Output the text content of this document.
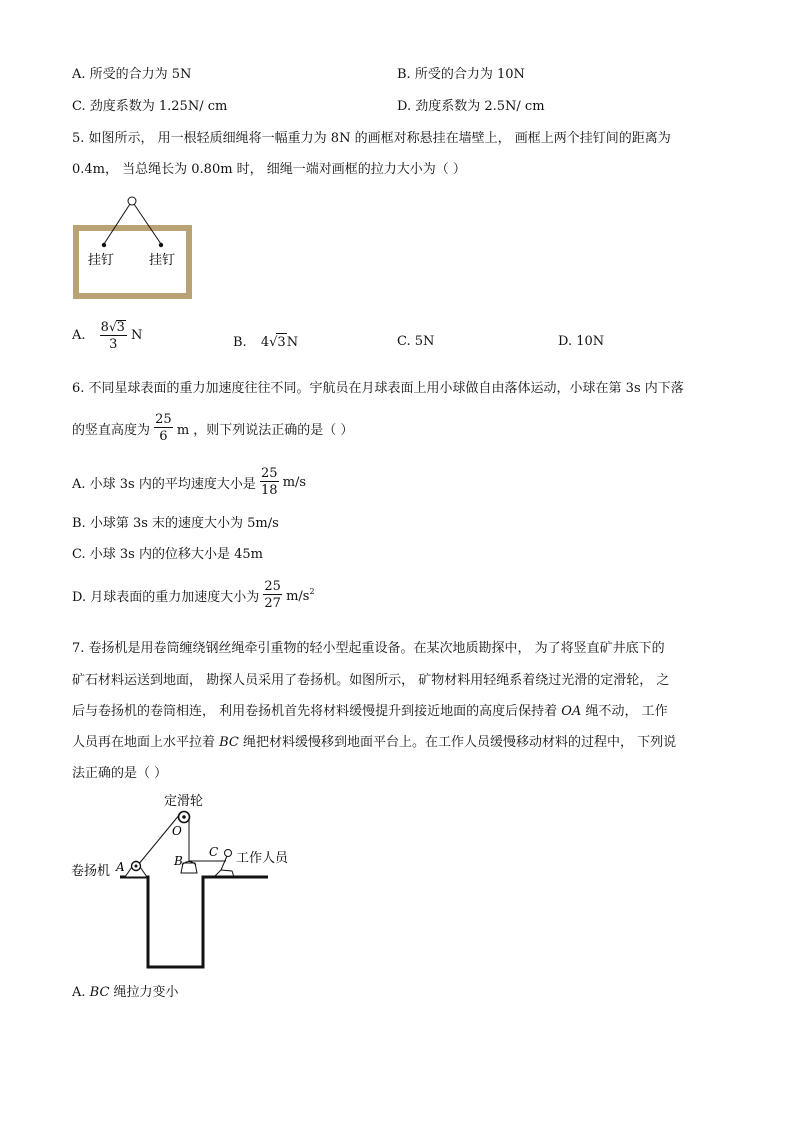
A. 所受的合力为 5N	B. 所受的合力为 10N
C. 劲度系数为 1.25N/ cm	D. 劲度系数为 2.5N/ cm
5. 如图所示， 用一根轻质细绳将一幅重力为 8N 的画框对称悬挂在墙壁上， 画框上两个挂钉间的距离为
0.4m， 当总绳长为 0.80m 时， 细绳一端对画框的拉力大小为（ ）
挂钉	挂钉
A. $\frac{8√3}{3}$ N	B. 4√3N	C. 5N	D. 10N
6. 不同星球表面的重力加速度往往不同。宇航员在月球表面上用小球做自由落体运动，小球在第 3s 内下落
的竖直高度为 $\frac{25}{6}$ m ，则下列说法正确的是（ ）
A. 小球 3s 内的平均速度大小是 $\frac{25}{18} m/s$
B. 小球第 3s 末的速度大小为 5m/s
C. 小球 3s 内的位移大小是 45m
D. 月球表面的重力加速度大小为 $\frac{25}{27} m/s^2$
7. 卷扬机是用卷筒缠绕钢丝绳牵引重物的轻小型起重设备。在某次地质勘探中， 为了将竖直矿井底下的
矿石材料运送到地面， 勘探人员采用了卷扬机。如图所示， 矿物材料用轻绳系着绕过光滑的定滑轮， 之
后与卷扬机的卷筒相连， 利用卷扬机首先将材料缓慢提升到接近地面的高度后保持着 OA 绳不动， 工作
人员再在地面上水平拉着 BC 绳把材料缓慢移到地面平台上。在工作人员缓慢移动材料的过程中， 下列说
法正确的是（ ）
定滑轮
O
A	B
C
卷扬机
工作人员
A. BC 绳拉力变小
